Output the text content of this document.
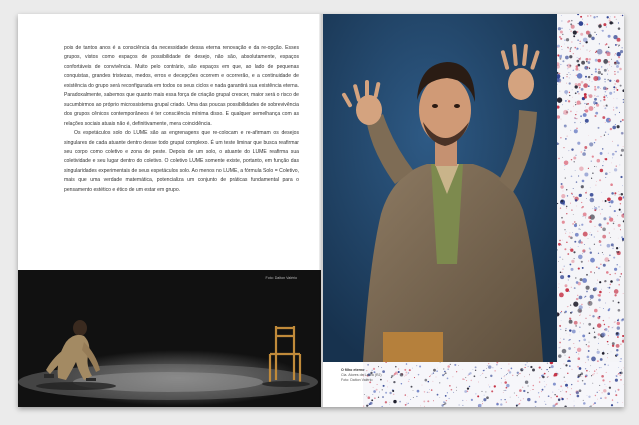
pois de tantos anos é a consciência da necessidade dessa eterna renovação e da re-opção. Esses grupos, vistos como espaços de possibilidade de desejo, não são, absolutamente, espaços confortáveis de convivência. Muito pelo contrário, são espaços em que, ao lado de pequenas conquistas, grandes tristezas, medos, erros e decepções ocorrem e ocorrerão, e a continuidade de existência do grupo será reconfigurada em todos os seus ciclos e nada garantirá sua existência eterna. Paradoxalmente, sabemos que quanto mais essa força de criação grupal crescer, maior será o risco de sucumbirmos ao próprio microssistema grupal criado. Uma das poucas possibilidades de sobrevivência dos grupos cênicos contemporâneos é ter consciência mínima disso. E qualquer semelhança com as relações sociais atuais não é, definitivamente, mera coincidência.

Os espetáculos solo do LUME são as engrenagens que re-colocam e re-afirmam os desejos singulares de cada atuante dentro desse todo grupal complexo. É um teste liminar que busca reafirmar seu corpo como coletivo e zona de peste. Depois de um solo, o atuante do LUME reafirma sua coletividade e seu lugar dentro do coletivo. O coletivo LUME somente existe, portanto, em função das singularidades experimentais de seus espetáculos solo. Ao menos no LUME, a fórmula Solo = Coletivo, mais que uma verdade matemática, potencializa um conjunto de práticas fundamental para o pensamento estético e ético de um estar em grupo.

Foto: Dalton Valério
O filho eterno
Cia. Atores de Laura (RJ)
Foto: Dalton Valério
